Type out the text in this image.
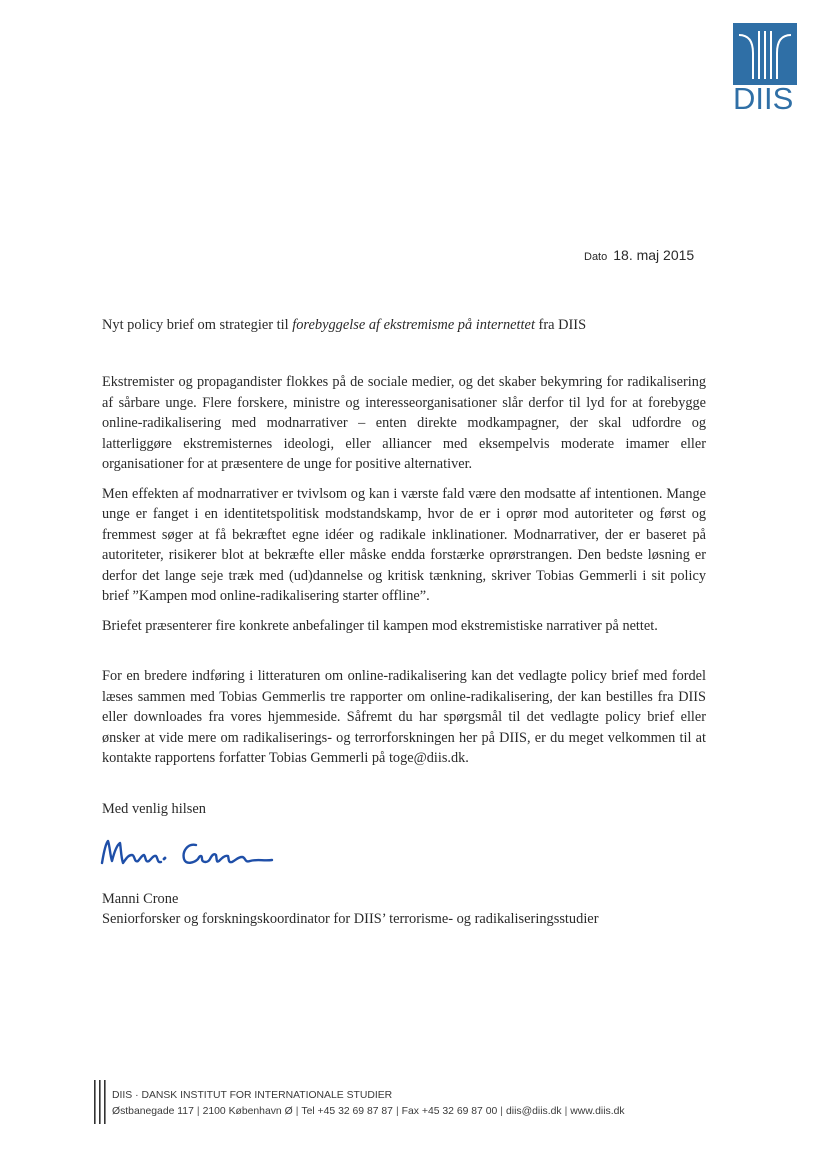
DIIS
Dato 18. maj 2015
Nyt policy brief om strategier til forebyggelse af ekstremisme på internettet fra DIIS

Ekstremister og propagandister flokkes på de sociale medier, og det skaber bekymring for radikalisering af sårbare unge. Flere forskere, ministre og interesseorganisationer slår derfor til lyd for at forebygge online-radikalisering med modnarrativer – enten direkte modkampagner, der skal udfordre og latterliggøre ekstremisternes ideologi, eller alliancer med eksempelvis moderate imamer eller organisationer for at præsentere de unge for positive alternativer.

Men effekten af modnarrativer er tvivlsom og kan i værste fald være den modsatte af intentionen. Mange unge er fanget i en identitetspolitisk modstandskamp, hvor de er i oprør mod autoriteter og først og fremmest søger at få bekræftet egne idéer og radikale inklinationer. Modnarrativer, der er baseret på autoriteter, risikerer blot at bekræfte eller måske endda forstærke oprørstrangen. Den bedste løsning er derfor det lange seje træk med (ud)dannelse og kritisk tænkning, skriver Tobias Gemmerli i sit policy brief ”Kampen mod online-radikalisering starter offline”.

Briefet præsenterer fire konkrete anbefalinger til kampen mod ekstremistiske narrativer på nettet.

For en bredere indføring i litteraturen om online-radikalisering kan det vedlagte policy brief med fordel læses sammen med Tobias Gemmerlis tre rapporter om online-radikalisering, der kan bestilles fra DIIS eller downloades fra vores hjemmeside. Såfremt du har spørgsmål til det vedlagte policy brief eller ønsker at vide mere om radikaliserings- og terrorforskningen her på DIIS, er du meget velkommen til at kontakte rapportens forfatter Tobias Gemmerli på toge@diis.dk.

Med venlig hilsen
Manni Crone
Seniorforsker og forskningskoordinator for DIIS’ terrorisme- og radikaliseringsstudier
DIIS · DANSK INSTITUT FOR INTERNATIONALE STUDIER
Østbanegade 117 | 2100 København Ø | Tel +45 32 69 87 87 | Fax +45 32 69 87 00 | diis@diis.dk | www.diis.dk
